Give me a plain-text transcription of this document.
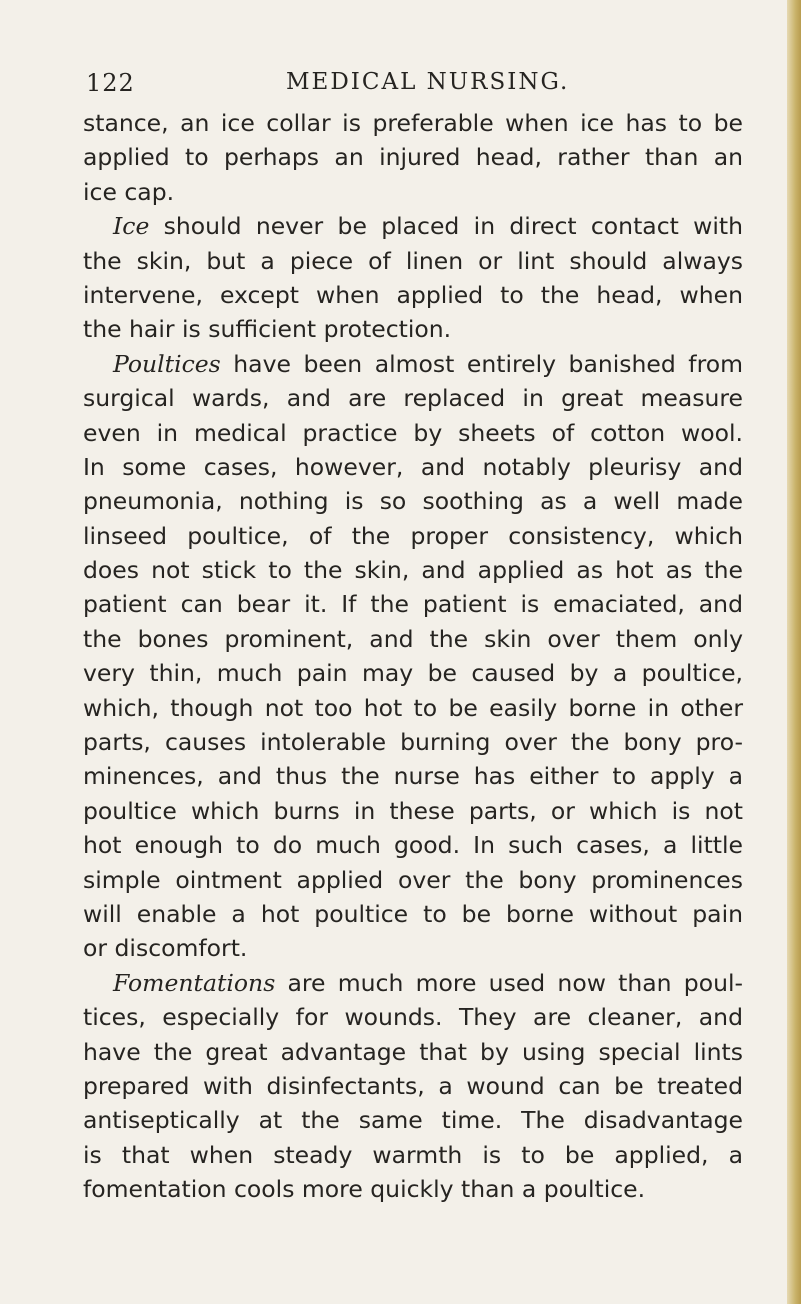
122	MEDICAL NURSING.
stance, an ice collar is preferable when ice has to be
applied to perhaps an injured head, rather than an
ice cap.
Ice should never be placed in direct contact with
the skin, but a piece of linen or lint should always
intervene, except when applied to the head, when
the hair is sufficient protection.
Poultices have been almost entirely banished from
surgical wards, and are replaced in great measure
even in medical practice by sheets of cotton wool.
In some cases, however, and notably pleurisy and
pneumonia, nothing is so soothing as a well made
linseed poultice, of the proper consistency, which
does not stick to the skin, and applied as hot as the
patient can bear it. If the patient is emaciated, and
the bones prominent, and the skin over them only
very thin, much pain may be caused by a poultice,
which, though not too hot to be easily borne in other
parts, causes intolerable burning over the bony pro-
minences, and thus the nurse has either to apply a
poultice which burns in these parts, or which is not
hot enough to do much good. In such cases, a little
simple ointment applied over the bony prominences
will enable a hot poultice to be borne without pain
or discomfort.
Fomentations are much more used now than poul-
tices, especially for wounds. They are cleaner, and
have the great advantage that by using special lints
prepared with disinfectants, a wound can be treated
antiseptically at the same time. The disadvantage
is that when steady warmth is to be applied, a
fomentation cools more quickly than a poultice.
